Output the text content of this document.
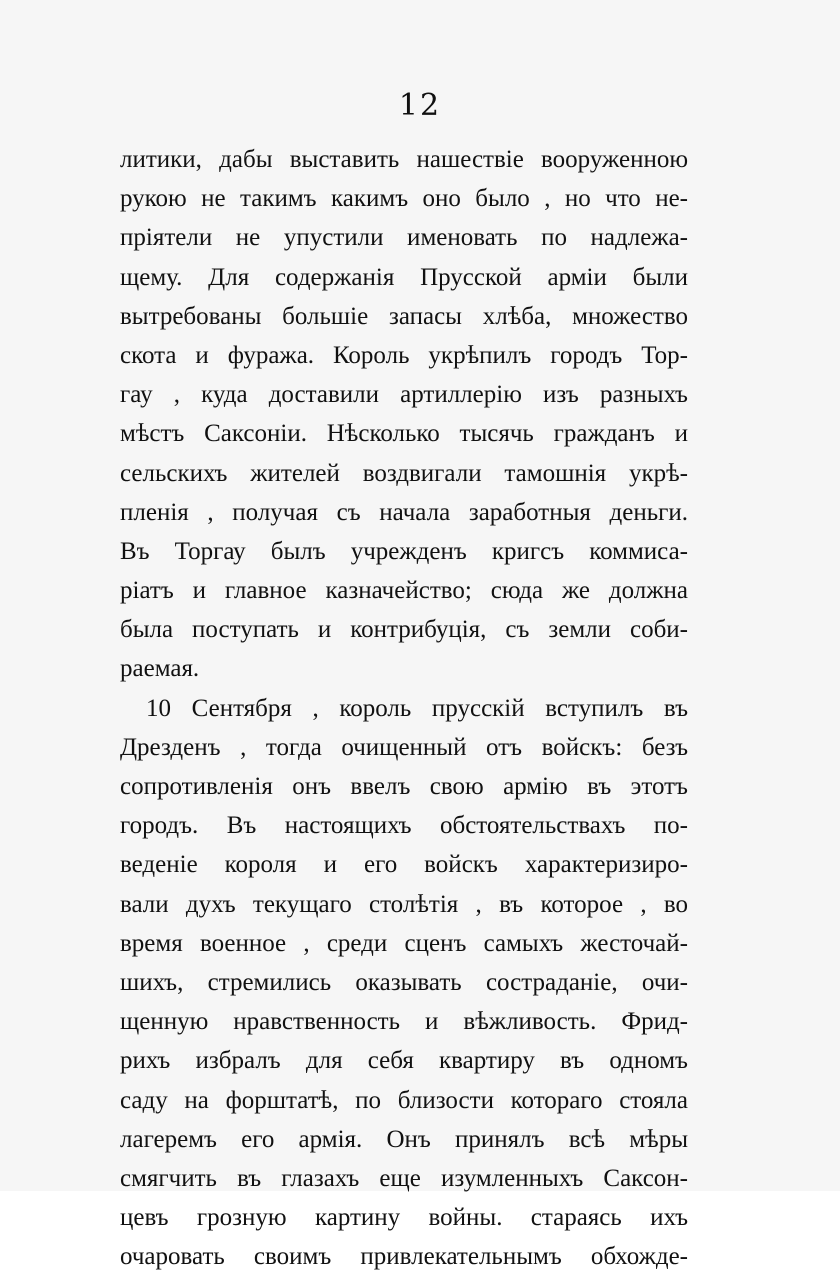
12
литики, дабы выставить нашествіе вооруженною
рукою не такимъ какимъ оно было , но что не-
пріятели не упустили именовать по надлежа-
щему. Для содержанія Прусской арміи были
вытребованы большіе запасы хлѣба, множество
скота и фуража. Король укрѣпилъ городъ Тор-
гау , куда доставили артиллерію изъ разныхъ
мѣстъ Саксоніи. Нѣсколько тысячь гражданъ и
сельскихъ жителей воздвигали тамошнія укрѣ-
пленія , получая съ начала заработныя деньги.
Въ Торгау былъ учрежденъ кригсъ коммиса-
ріатъ и главное казначейство; сюда же должна
была поступать и контрибуція, съ земли соби-
раемая.
10 Сентября , король прусскій вступилъ въ
Дрезденъ , тогда очищенный отъ войскъ: безъ
сопротивленія онъ ввелъ свою армію въ этотъ
городъ. Въ настоящихъ обстоятельствахъ по-
веденіе короля и его войскъ характеризиро-
вали духъ текущаго столѣтія , въ которое , во
время военное , среди сценъ самыхъ жесточай-
шихъ, стремились оказывать состраданіе, очи-
щенную нравственность и вѣжливость. Фрид-
рихъ избралъ для себя квартиру въ одномъ
саду на форштатѣ, по близости котораго стояла
лагеремъ его армія. Онъ принялъ всѣ мѣры
смягчить въ глазахъ еще изумленныхъ Саксон-
цевъ грозную картину войны. стараясь ихъ
очаровать своимъ привлекательнымъ обхожде-
